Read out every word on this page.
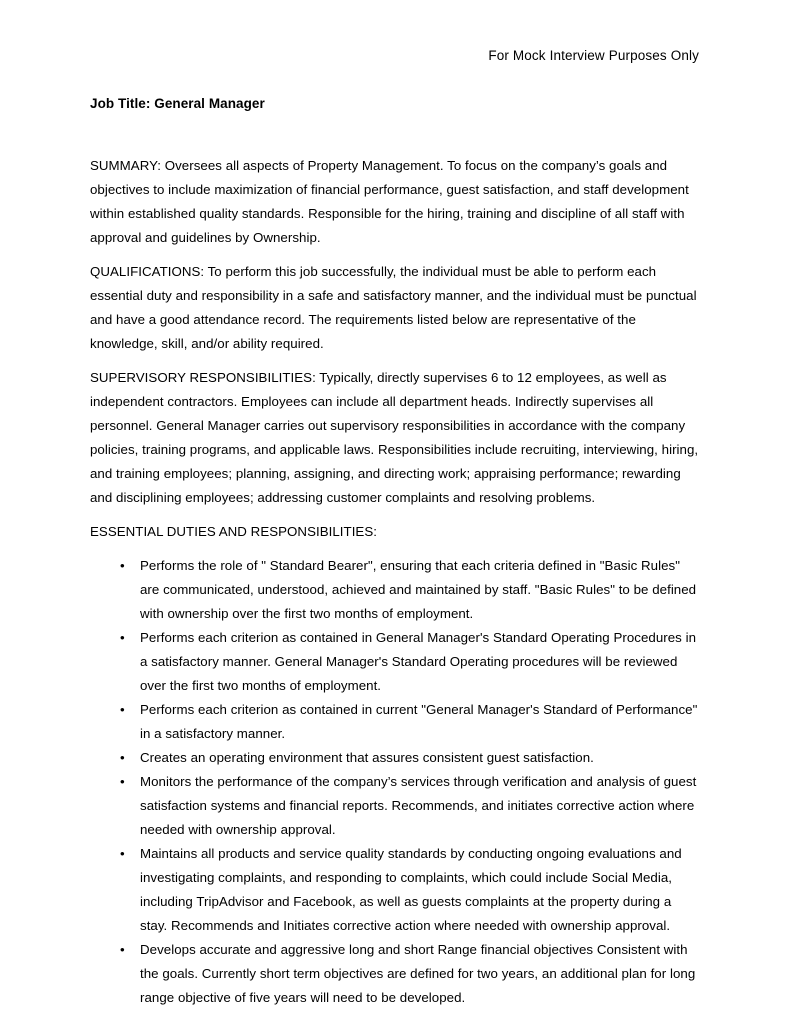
For Mock Interview Purposes Only
Job Title: General Manager

SUMMARY: Oversees all aspects of Property Management. To focus on the company’s goals and objectives to include maximization of financial performance, guest satisfaction, and staff development within established quality standards. Responsible for the hiring, training and discipline of all staff with approval and guidelines by Ownership.

QUALIFICATIONS: To perform this job successfully, the individual must be able to perform each essential duty and responsibility in a safe and satisfactory manner, and the individual must be punctual and have a good attendance record. The requirements listed below are representative of the knowledge, skill, and/or ability required.

SUPERVISORY RESPONSIBILITIES: Typically, directly supervises 6 to 12 employees, as well as independent contractors. Employees can include all department heads. Indirectly supervises all personnel. General Manager carries out supervisory responsibilities in accordance with the company policies, training programs, and applicable laws. Responsibilities include recruiting, interviewing, hiring, and training employees; planning, assigning, and directing work; appraising performance; rewarding and disciplining employees; addressing customer complaints and resolving problems.

ESSENTIAL DUTIES AND RESPONSIBILITIES:

• Performs the role of " Standard Bearer", ensuring that each criteria defined in "Basic Rules" are communicated, understood, achieved and maintained by staff. "Basic Rules" to be defined with ownership over the first two months of employment.
• Performs each criterion as contained in General Manager's Standard Operating Procedures in a satisfactory manner. General Manager's Standard Operating procedures will be reviewed over the first two months of employment.
• Performs each criterion as contained in current "General Manager's Standard of Performance" in a satisfactory manner.
• Creates an operating environment that assures consistent guest satisfaction.
• Monitors the performance of the company’s services through verification and analysis of guest satisfaction systems and financial reports. Recommends, and initiates corrective action where needed with ownership approval.
• Maintains all products and service quality standards by conducting ongoing evaluations and investigating complaints, and responding to complaints, which could include Social Media, including TripAdvisor and Facebook, as well as guests complaints at the property during a stay. Recommends and Initiates corrective action where needed with ownership approval.
• Develops accurate and aggressive long and short Range financial objectives Consistent with the goals. Currently short term objectives are defined for two years, an additional plan for long range objective of five years will need to be developed.
